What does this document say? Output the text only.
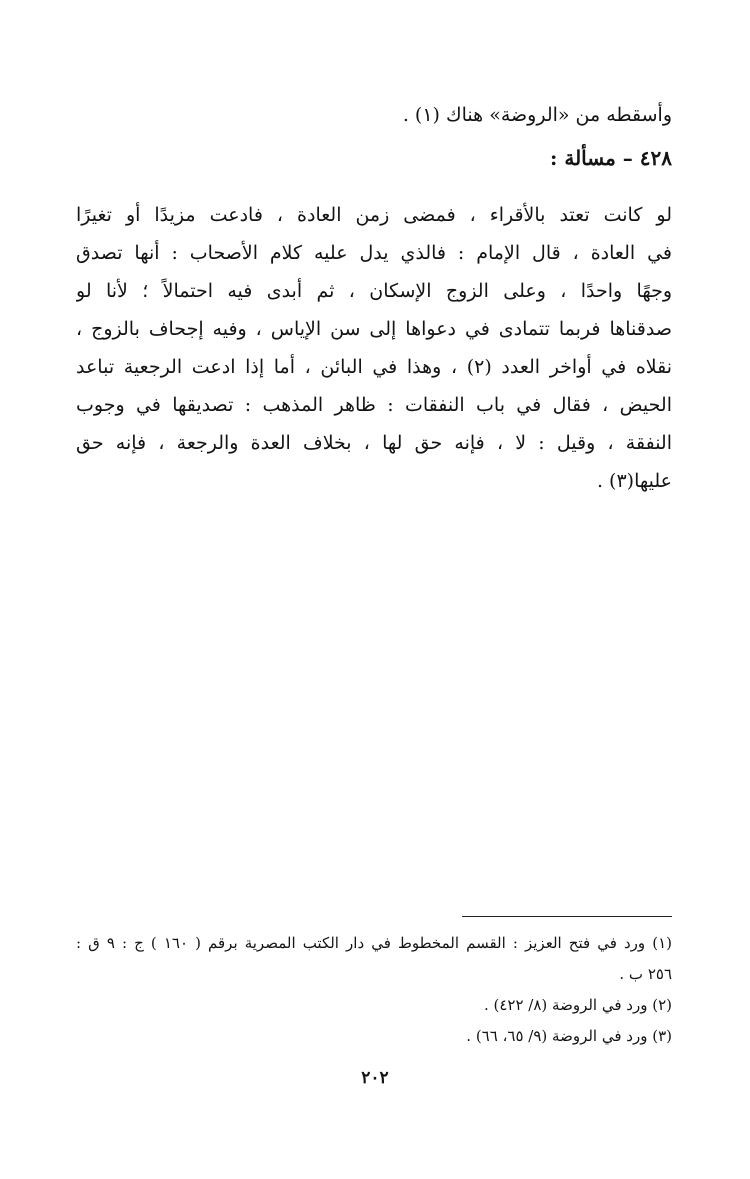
وأسقطه من «الروضة» هناك (١) .
٤٢٨ – مسألة :
لو كانت تعتد بالأقراء ، فمضى زمن العادة ، فادعت مزيدًا أو تغيرًا
في العادة ، قال الإمام : فالذي يدل عليه كلام الأصحاب : أنها تصدق
وجهًا واحدًا ، وعلى الزوج الإسكان ، ثم أبدى فيه احتمالاً ؛ لأنا لو
صدقناها فربما تتمادى في دعواها إلى سن الإياس ، وفيه إجحاف بالزوج ،
نقلاه في أواخر العدد (٢) ، وهذا في البائن ، أما إذا ادعت الرجعية تباعد
الحيض ، فقال في باب النفقات : ظاهر المذهب : تصديقها في وجوب
النفقة ، وقيل : لا ، فإنه حق لها ، بخلاف العدة والرجعة ، فإنه حق
عليها(٣) .
(١) ورد في فتح العزيز : القسم المخطوط في دار الكتب المصرية برقم ( ١٦٠ ) ج : ٩ ق :
٢٥٦ ب .
(٢) ورد في الروضة (٨/ ٤٢٢) .
(٣) ورد في الروضة (٩/ ٦٥، ٦٦) .
٢٠٢
